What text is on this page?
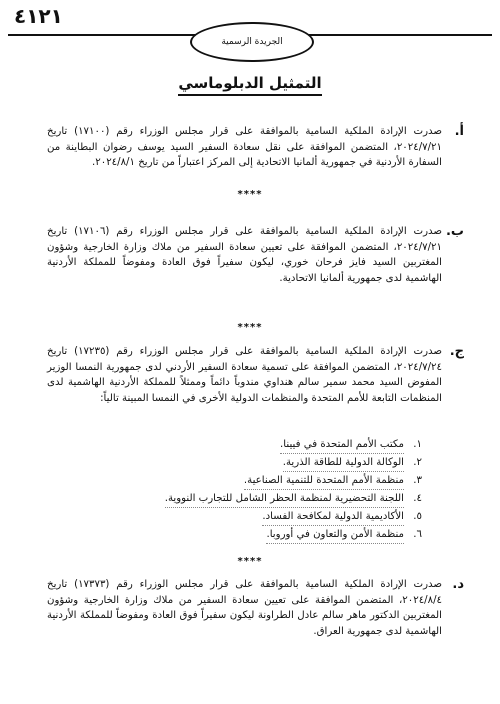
٤١٢١
الجريدة الرسمية
التمثيل الدبلوماسي
أ.
صدرت الإرادة الملكية السامية بالموافقة على قرار مجلس الوزراء رقم (١٧١٠٠) تاريخ ٢٠٢٤/٧/٢١، المتضمن الموافقة على نقل سعادة السفير السيد يوسف رضوان البطاينة من السفارة الأردنية في جمهورية ألمانيا الاتحادية إلى المركز اعتباراً من تاريخ ٢٠٢٤/٨/١.
****
ب.
صدرت الإرادة الملكية السامية بالموافقة على قرار مجلس الوزراء رقم (١٧١٠٦) تاريخ ٢٠٢٤/٧/٢١، المتضمن الموافقة على تعيين سعادة السفير من ملاك وزارة الخارجية وشؤون المغتربين السيد فايز فرحان خوري، ليكون سفيراً فوق العادة ومفوضاً للمملكة الأردنية الهاشمية لدى جمهورية ألمانيا الاتحادية.
****
ج.
صدرت الإرادة الملكية السامية بالموافقة على قرار مجلس الوزراء رقم (١٧٢٣٥) تاريخ ٢٠٢٤/٧/٢٤، المتضمن الموافقة على تسمية سعادة السفير الأردني لدى جمهورية النمسا الوزير المفوض السيد محمد سمير سالم هنداوي مندوباً دائماً وممثلاً للمملكة الأردنية الهاشمية لدى المنظمات التابعة للأمم المتحدة والمنظمات الدولية الأخرى في النمسا المبينة تالياً:
١.
مكتب الأمم المتحدة في فيينا.
٢.
الوكالة الدولية للطاقة الذرية.
٣.
منظمة الأمم المتحدة للتنمية الصناعية.
٤.
اللجنة التحضيرية لمنظمة الحظر الشامل للتجارب النووية.
٥.
الأكاديمية الدولية لمكافحة الفساد.
٦.
منظمة الأمن والتعاون في أوروبا.
****
د.
صدرت الإرادة الملكية السامية بالموافقة على قرار مجلس الوزراء رقم (١٧٣٧٣) تاريخ ٢٠٢٤/٨/٤، المتضمن الموافقة على تعيين سعادة السفير من ملاك وزارة الخارجية وشؤون المغتربين الدكتور ماهر سالم عادل الطراونة ليكون سفيراً فوق العادة ومفوضاً للمملكة الأردنية الهاشمية لدى جمهورية العراق.
